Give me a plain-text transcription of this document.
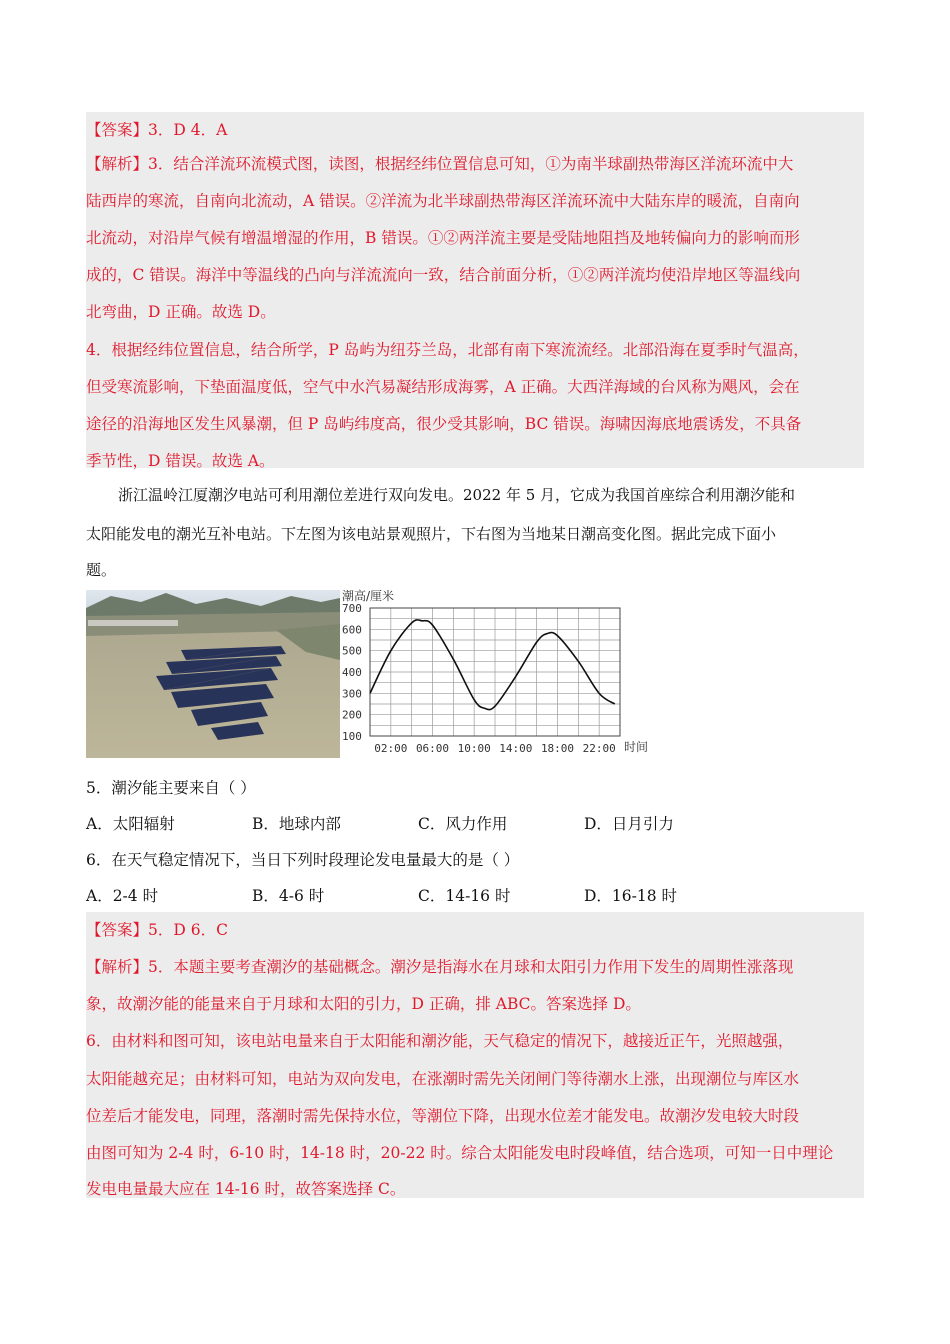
【答案】3．D 4．A
【解析】3．结合洋流环流模式图，读图，根据经纬位置信息可知，①为南半球副热带海区洋流环流中大
陆西岸的寒流，自南向北流动，A 错误。②洋流为北半球副热带海区洋流环流中大陆东岸的暖流，自南向
北流动，对沿岸气候有增温增湿的作用，B 错误。①②两洋流主要是受陆地阻挡及地转偏向力的影响而形
成的，C 错误。海洋中等温线的凸向与洋流流向一致，结合前面分析，①②两洋流均使沿岸地区等温线向
北弯曲，D 正确。故选 D。
4．根据经纬位置信息，结合所学，P 岛屿为纽芬兰岛，北部有南下寒流流经。北部沿海在夏季时气温高，
但受寒流影响，下垫面温度低，空气中水汽易凝结形成海雾，A 正确。大西洋海域的台风称为飓风，会在
途径的沿海地区发生风暴潮，但 P 岛屿纬度高，很少受其影响，BC 错误。海啸因海底地震诱发，不具备
季节性，D 错误。故选 A。
浙江温岭江厦潮汐电站可利用潮位差进行双向发电。2022 年 5 月，它成为我国首座综合利用潮汐能和
太阳能发电的潮光互补电站。下左图为该电站景观照片，下右图为当地某日潮高变化图。据此完成下面小
题。
100
200
300
400
500
600
700
02:00 06:00 10:00 14:00 18:00 22:00
潮高/厘米
时间
5．潮汐能主要来自（ ）
A．太阳辐射	B．地球内部	C．风力作用	D．日月引力
6．在天气稳定情况下，当日下列时段理论发电量最大的是（ ）
A．2-4 时	B．4-6 时	C．14-16 时	D．16-18 时
【答案】5．D 6．C
【解析】5．本题主要考查潮汐的基础概念。潮汐是指海水在月球和太阳引力作用下发生的周期性涨落现
象，故潮汐能的能量来自于月球和太阳的引力，D 正确，排 ABC。答案选择 D。
6．由材料和图可知，该电站电量来自于太阳能和潮汐能，天气稳定的情况下，越接近正午，光照越强，
太阳能越充足；由材料可知，电站为双向发电，在涨潮时需先关闭闸门等待潮水上涨，出现潮位与库区水
位差后才能发电，同理，落潮时需先保持水位，等潮位下降，出现水位差才能发电。故潮汐发电较大时段
由图可知为 2-4 时，6-10 时，14-18 时，20-22 时。综合太阳能发电时段峰值，结合选项，可知一日中理论
发电电量最大应在 14-16 时，故答案选择 C。
